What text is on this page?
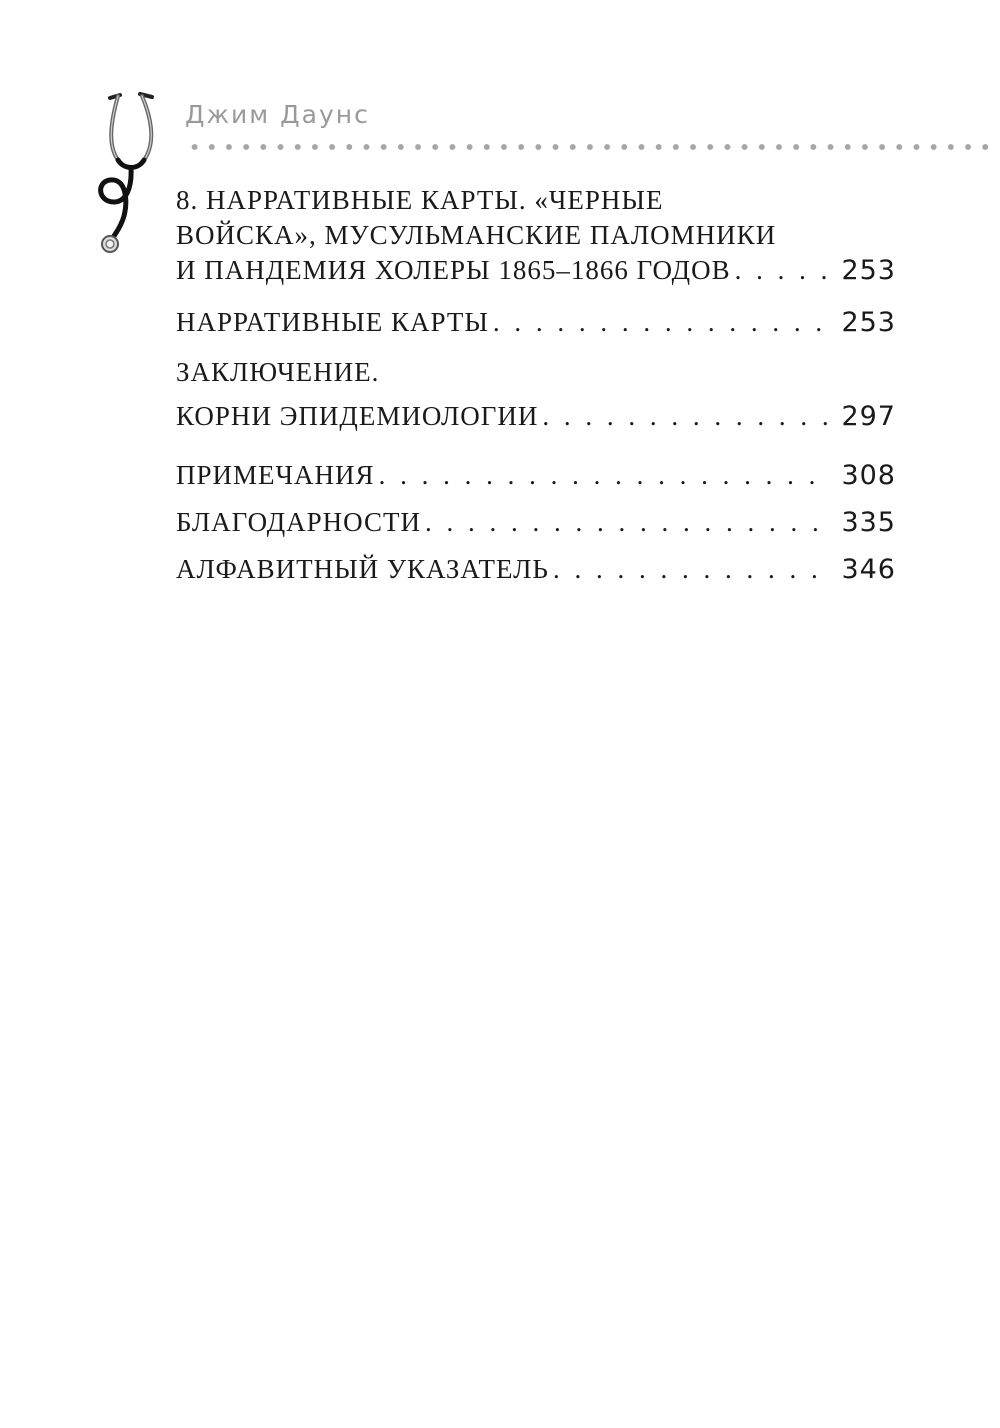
Джим Даунс
8. НАРРАТИВНЫЕ КАРТЫ. «ЧЕРНЫЕ
ВОЙСКА», МУСУЛЬМАНСКИЕ ПАЛОМНИКИ
И ПАНДЕМИЯ ХОЛЕРЫ 1865–1866 ГОДОВ . . .	253
НАРРАТИВНЫЕ КАРТЫ . . .	253
ЗАКЛЮЧЕНИЕ.
КОРНИ ЭПИДЕМИОЛОГИИ . . .	297
ПРИМЕЧАНИЯ . . .	308
БЛАГОДАРНОСТИ . . .	335
АЛФАВИТНЫЙ УКАЗАТЕЛЬ . . .	346
